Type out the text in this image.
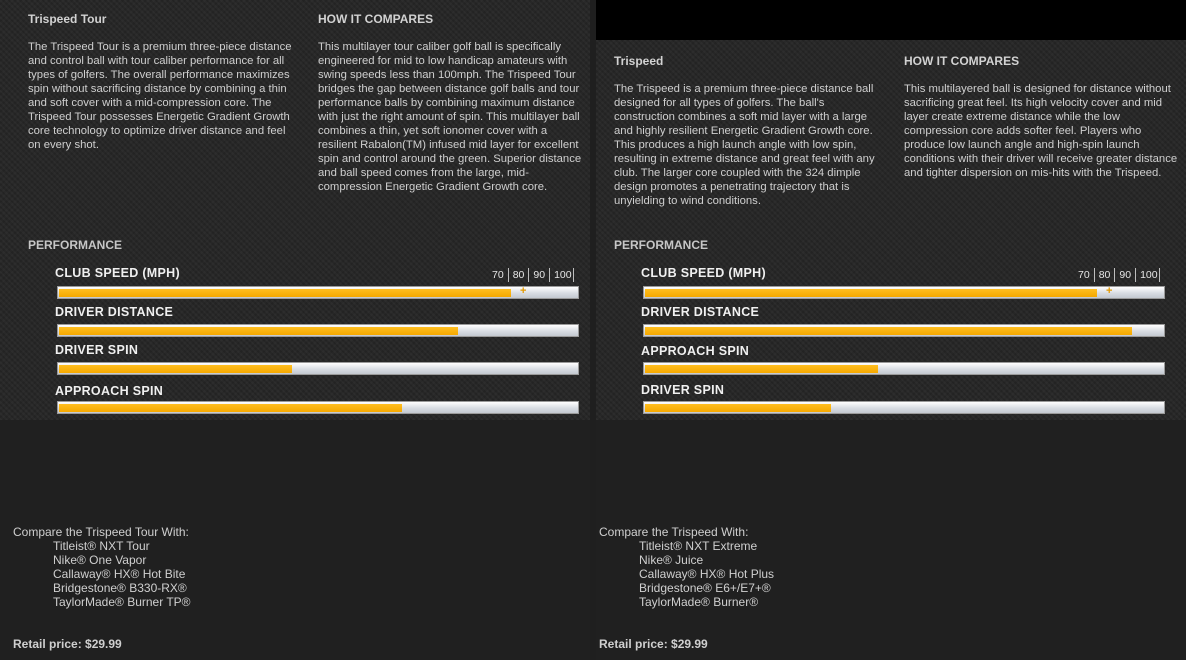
Trispeed Tour	HOW IT COMPARES
The Trispeed Tour is a premium three-piece distance and control ball with tour caliber performance for all types of golfers. The overall performance maximizes spin without sacrificing distance by combining a thin and soft cover with a mid-compression core. The Trispeed Tour possesses Energetic Gradient Growth core technology to optimize driver distance and feel on every shot.
This multilayer tour caliber golf ball is specifically engineered for mid to low handicap amateurs with swing speeds less than 100mph. The Trispeed Tour bridges the gap between distance golf balls and tour performance balls by combining maximum distance with just the right amount of spin. This multilayer ball combines a thin, yet soft ionomer cover with a resilient Rabalon(TM) infused mid layer for excellent spin and control around the green. Superior distance and ball speed comes from the large, mid-compression Energetic Gradient Growth core.
PERFORMANCE
CLUB SPEED (MPH)	70 80 90 100
+
DRIVER DISTANCE
DRIVER SPIN
APPROACH SPIN
Compare the Trispeed Tour With:
Titleist® NXT Tour
Nike® One Vapor
Callaway® HX® Hot Bite
Bridgestone® B330-RX®
TaylorMade® Burner TP®
Retail price: $29.99
Trispeed	HOW IT COMPARES
The Trispeed is a premium three-piece distance ball designed for all types of golfers. The ball's construction combines a soft mid layer with a large and highly resilient Energetic Gradient Growth core. This produces a high launch angle with low spin, resulting in extreme distance and great feel with any club. The larger core coupled with the 324 dimple design promotes a penetrating trajectory that is unyielding to wind conditions.
This multilayered ball is designed for distance without sacrificing great feel. Its high velocity cover and mid layer create extreme distance while the low compression core adds softer feel. Players who produce low launch angle and high-spin launch conditions with their driver will receive greater distance and tighter dispersion on mis-hits with the Trispeed.
PERFORMANCE
CLUB SPEED (MPH)	70 80 90 100
+
DRIVER DISTANCE
APPROACH SPIN
DRIVER SPIN
Compare the Trispeed With:
Titleist® NXT Extreme
Nike® Juice
Callaway® HX® Hot Plus
Bridgestone® E6+/E7+®
TaylorMade® Burner®
Retail price: $29.99
